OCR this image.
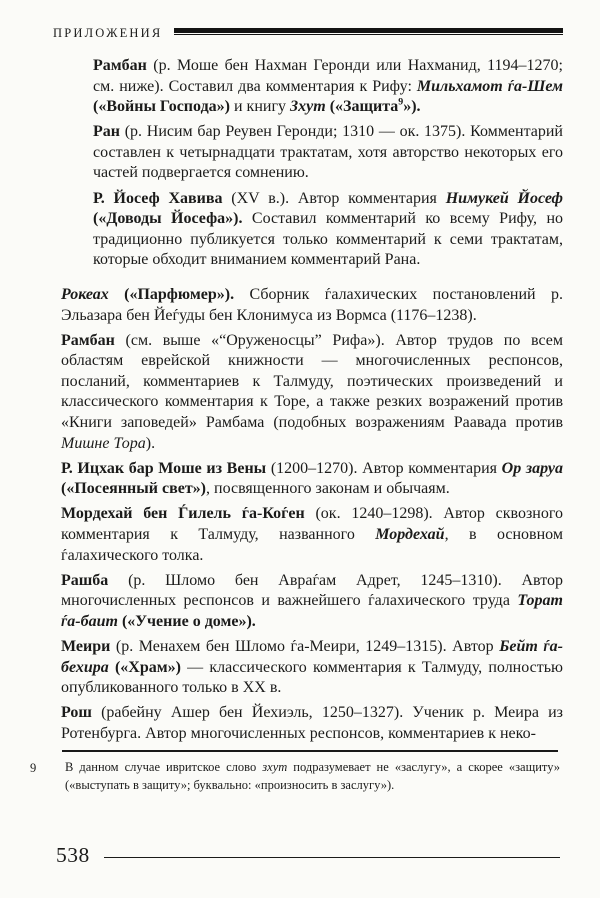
ПРИЛОЖЕНИЯ

Рамбан (р. Моше бен Нахман Геронди или Нахманид, 1194–1270; см. ниже). Составил два комментария к Рифу: Мильхамот ѓа-Шем («Войны Господа») и книгу Зхут («Защита$^9$»).

Ран (р. Нисим бар Реувен Геронди; 1310 — ок. 1375). Комментарий составлен к четырнадцати трактатам, хотя авторство некоторых его частей подвергается сомнению.

Р. Йосеф Хавива (XV в.). Автор комментария Нимукей Йосеф («Доводы Йосефа»). Составил комментарий ко всему Рифу, но традиционно публикуется только комментарий к семи трактатам, которые обходит вниманием комментарий Рана.

Рокеах («Парфюмер»). Сборник ѓалахических постановлений р. Эльазара бен Йеѓуды бен Клонимуса из Вормса (1176–1238).

Рамбан (см. выше «“Оруженосцы” Рифа»). Автор трудов по всем областям еврейской книжности — многочисленных респонсов, посланий, комментариев к Талмуду, поэтических произведений и классического комментария к Торе, а также резких возражений против «Книги заповедей» Рамбама (подобных возражениям Раавада против Мишне Тора).

Р. Ицхак бар Моше из Вены (1200–1270). Автор комментария Ор заруа («Посеянный свет»), посвященного законам и обычаям.

Мордехай бен Ѓилель ѓа-Коѓен (ок. 1240–1298). Автор сквозного комментария к Талмуду, названного Мордехай, в основном ѓалахического толка.

Рашба (р. Шломо бен Авраѓам Адрет, 1245–1310). Автор многочисленных респонсов и важнейшего ѓалахического труда Торат ѓа-баит («Учение о доме»).

Меири (р. Менахем бен Шломо ѓа-Меири, 1249–1315). Автор Бейт ѓа-бехира («Храм») — классического комментария к Талмуду, полностью опубликованного только в XX в.

Рош (рабейну Ашер бен Йехиэль, 1250–1327). Ученик р. Меира из Ротенбурга. Автор многочисленных респонсов, комментариев к неко-

9 В данном случае ивритское слово зхут подразумевает не «заслугу», а скорее «защиту» («выступать в защиту»; буквально: «произносить в заслугу»).

538
